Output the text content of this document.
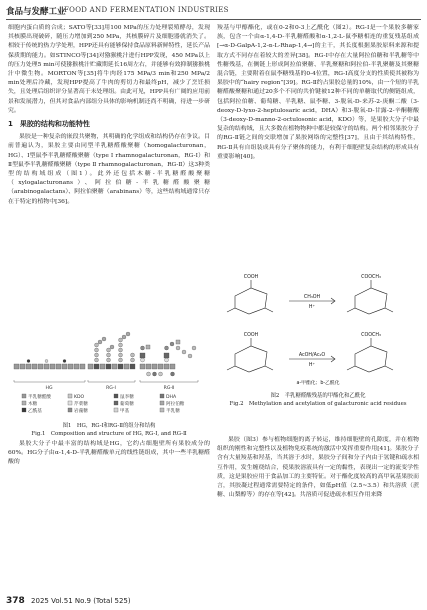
食品与发酵工业
FOOD AND FERMENTATION INDUSTRIES

细胞内蛋白质的合成；SATO等[33]用100 MPa的压力处理裂殖酵母，发现其核膜出现破碎，随压力增加到250 MPa，其核膜碎片及细胞器就消失了。相较于传统的热力学处理，HPP还具有能够保持食品原料新鲜特性，延长产品保质期的能力。如STINCO等[34]对猕猴桃汁进行HPP发现，450 MPa以上的压力处理5 min可使猕猴桃汁贮藏期延长16周左右，并能够有效抑制猕猴桃汁中微生物。MORTON等[35]将牛肉经175 MPa/3 min和250 MPa/2 min处理后冷藏，发现HPP提高了牛肉的剪切力和最终pH，减少了烹饪损失，且处理后组织评分显著高于未处理组。由此可见，HPP具有广阔的应用前景和发展潜力，但其对食品内部组分具体的影响机制还尚不明确，待进一步研究。

1　果胶的结构和功能特性

果胶是一种复杂的嵌段共聚物，其明确的化学组成和结构仍存在争议。目前普遍认为，果胶主要由同型半乳糖醛酸聚糖（homogalacturonan，HG）、Ⅰ型鼠李半乳糖醛酸聚糖（type Ⅰ rhamnogalacturonan，RG-Ⅰ）和Ⅱ型鼠李半乳糖醛酸聚糖（type Ⅱ rhamnogalacturonan，RG-Ⅱ）这3种类型的结构域组成（图1）。此外还包括木糖-半乳糖醛酸聚糖（xylogalacturonans）、阿拉伯糖-半乳糖醛酸聚糖（arabinogalactans）、阿拉伯聚糖（arabinans）等，这些结构域通常只存在于特定的植物中[36]。

HG	RG-Ⅰ	RG-Ⅱ
半乳糖醛酸	KDO	鼠李糖	DHA
木糖	芹菜糖	葡萄糖	阿拉伯糖
乙酰基	岩藻糖	甲基	半乳糖
图1　HG，RG-Ⅰ和RG-Ⅱ的组分和结构
Fig.1　Composition and structure of HG, RG-Ⅰ, and RG-Ⅱ

果胶大分子中最丰富的结构域是HG，它约占细胞壁所有果胶成分的60%。HG分子由α-1,4-D-半乳糖醛酸单元的线性链组成，其中一些半乳糖醛酸的

羧基与甲醇酯化，或在0-2和0-3上乙酰化（图2）。RG-Ⅰ是一个果胶多糖家族，包含一个由α-1,4-D-半乳糖醛酸和α-1,2-L-鼠李糖相连的重复残基组成[→α-D-GalpA-1,2-α-L-Rhap-1,4→]的主干，其长度根据果胶原料来源和提取方式不同存在着较大的差异[38]。RG-Ⅰ中存在大量阿拉伯糖和半乳糖等中性糖残基，在侧链上形成阿拉伯聚糖、半乳聚糖和阿拉伯-半乳聚糖及其聚糖混合链，主要附着在鼠李糖残基的0-4位置，RG-Ⅰ高度分支的性质使其被称为果胶中的“hairy region”[39]。RG-Ⅱ约占果胶总量的10%，由一个短的半乳糖醛酸聚糖和通过20多个不同的共价键被12种不同的单糖取代的侧链组成，包括阿拉伯糖、葡萄糖、半乳糖、鼠李糖、3-脱氧-D-来苏-2-庚酮二酸（3-deoxy-D-lyxo-2-heptulosaric acid，DHA）和3-脱氧-D-甘露-2-辛酮糖酸（3-deoxy-D-manno-2-octulosonic acid，KDO）等，是果胶大分子中最复杂的结构域，且大多数在植物物种中都是较保守的结构。两个相邻果胶分子的RG-Ⅱ链之间的交联增加了果胶网络的完整性[37]，且由于其结构特性，RG-Ⅱ具有自组装成具有分子聚体的能力，有利于细胞壁复杂结构的形成具有重要影响[40]。

COOH	COOCH₃
COOH	COOCH₃
CH₃OH
H⁺
AcOH/Ac₂O
H⁺
a-甲酯化；b-乙酰化
图2　半乳糖醛酸残基的甲酯化和乙酰化
Fig.2　Methylation and acetylation of galacturonic acid residues

果胶（图3）参与植物细胞的离子转运，维持细胞壁的孔隙度，并在植物组织的刚性和完整性以及植物免疫系统的激活中发挥重要作用[41]。果胶分子含有大量羧基和羟基，当其溶于水时，果胶分子间和分子内由于氢键和疏水相互作用，发生缠绕结合，使果胶溶液具有一定的黏性，表现出一定的流变学性质，这是果胶应用于食品加工的主要特征。对于酯化度较高的高甲氧基果胶而言，其胶凝过程通常需要特定的条件，如低pH值（2.5~3.5）和共溶质（蔗糖、山梨醇等）的存在等[42]。共溶质可促进疏水相互作用来降

378 2025 Vol.51 No.9 (Total 525)
